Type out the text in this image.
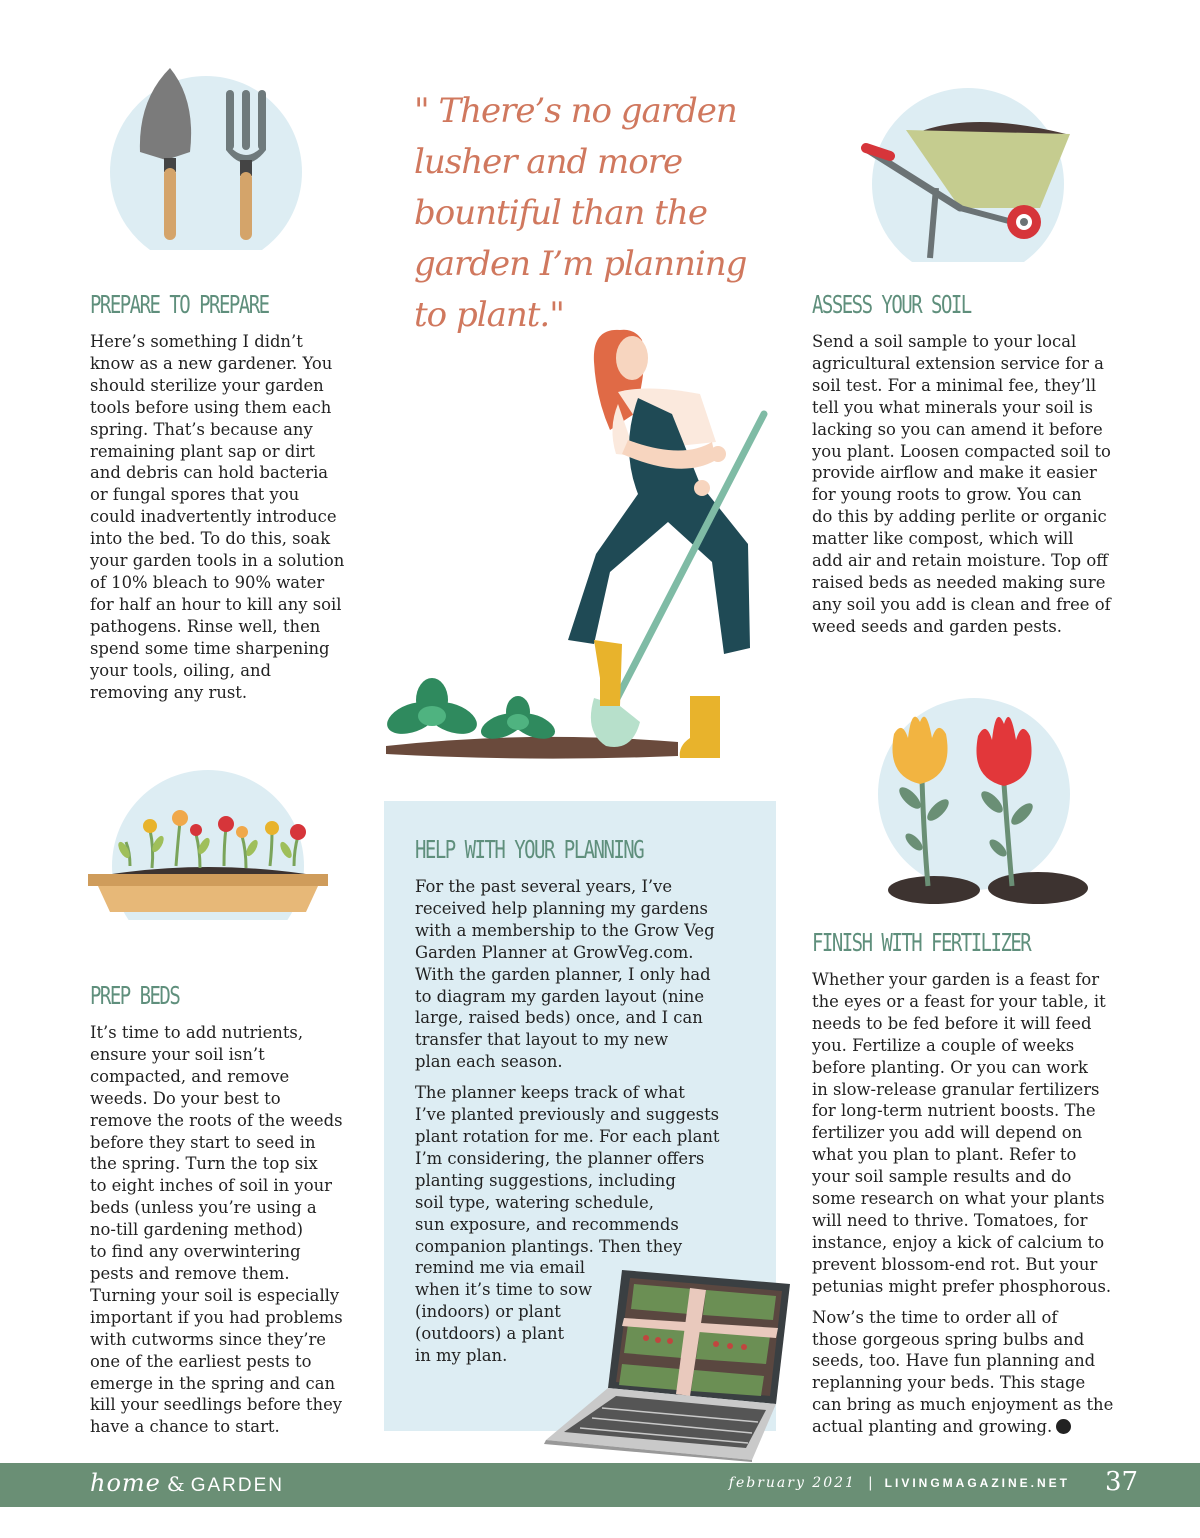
" There’s no garden
lusher and more
bountiful than the
garden I’m planning
to plant."
PREPARE TO PREPARE
Here’s something I didn’t
know as a new gardener. You
should sterilize your garden
tools before using them each
spring. That’s because any
remaining plant sap or dirt
and debris can hold bacteria
or fungal spores that you
could inadvertently introduce
into the bed. To do this, soak
your garden tools in a solution
of 10% bleach to 90% water
for half an hour to kill any soil
pathogens. Rinse well, then
spend some time sharpening
your tools, oiling, and
removing any rust.
ASSESS YOUR SOIL
Send a soil sample to your local
agricultural extension service for a
soil test. For a minimal fee, they’ll
tell you what minerals your soil is
lacking so you can amend it before
you plant. Loosen compacted soil to
provide airflow and make it easier
for young roots to grow. You can
do this by adding perlite or organic
matter like compost, which will
add air and retain moisture. Top off
raised beds as needed making sure
any soil you add is clean and free of
weed seeds and garden pests.
HELP WITH YOUR PLANNING
For the past several years, I’ve
received help planning my gardens
with a membership to the Grow Veg
Garden Planner at GrowVeg.com.
With the garden planner, I only had
to diagram my garden layout (nine
large, raised beds) once, and I can
transfer that layout to my new
plan each season.
The planner keeps track of what
I’ve planted previously and suggests
plant rotation for me. For each plant
I’m considering, the planner offers
planting suggestions, including
soil type, watering schedule,
sun exposure, and recommends
companion plantings. Then they
remind me via email
when it’s time to sow
(indoors) or plant
(outdoors) a plant
in my plan.
PREP BEDS
It’s time to add nutrients,
ensure your soil isn’t
compacted, and remove
weeds. Do your best to
remove the roots of the weeds
before they start to seed in
the spring. Turn the top six
to eight inches of soil in your
beds (unless you’re using a
no-till gardening method)
to find any overwintering
pests and remove them.
Turning your soil is especially
important if you had problems
with cutworms since they’re
one of the earliest pests to
emerge in the spring and can
kill your seedlings before they
have a chance to start.
FINISH WITH FERTILIZER
Whether your garden is a feast for
the eyes or a feast for your table, it
needs to be fed before it will feed
you. Fertilize a couple of weeks
before planting. Or you can work
in slow-release granular fertilizers
for long-term nutrient boosts. The
fertilizer you add will depend on
what you plan to plant. Refer to
your soil sample results and do
some research on what your plants
will need to thrive. Tomatoes, for
instance, enjoy a kick of calcium to
prevent blossom-end rot. But your
petunias might prefer phosphorous.
Now’s the time to order all of
those gorgeous spring bulbs and
seeds, too. Have fun planning and
replanning your beds. This stage
can bring as much enjoyment as the
actual planting and growing.
home & GARDEN	february 2021 | LIVINGMAGAZINE.NET 37
